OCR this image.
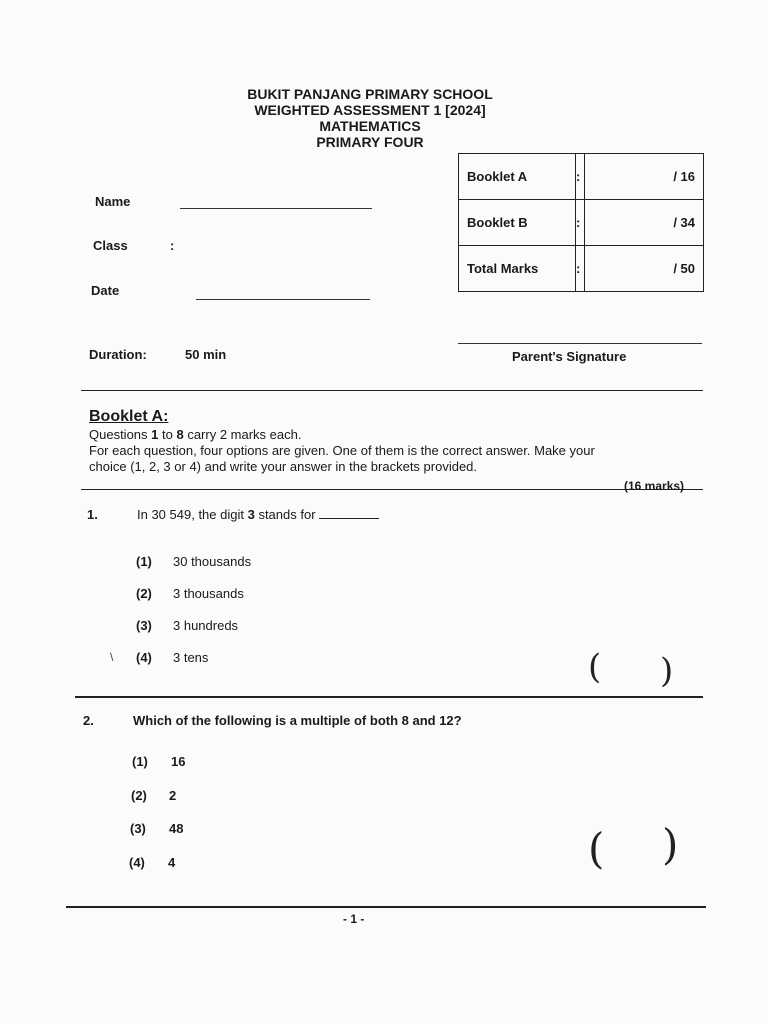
BUKIT PANJANG PRIMARY SCHOOL
WEIGHTED ASSESSMENT 1 [2024]
MATHEMATICS
PRIMARY FOUR
Name
Class	:
Date
Booklet A	:	/ 16
Booklet B	:	/ 34
Total Marks	:	/ 50
Duration:	50 min	Parent's Signature
Booklet A:
Questions 1 to 8 carry 2 marks each.
For each question, four options are given. One of them is the correct answer. Make your
choice (1, 2, 3 or 4) and write your answer in the brackets provided.
(16 marks)
1.	In 30 549, the digit 3 stands for
(1) 30 thousands
(2) 3 thousands
(3) 3 hundreds
\ (4) 3 tens	( )
2.	Which of the following is a multiple of both 8 and 12?
(1) 16
(2) 2
(3) 48
(4) 4	( )
- 1 -
